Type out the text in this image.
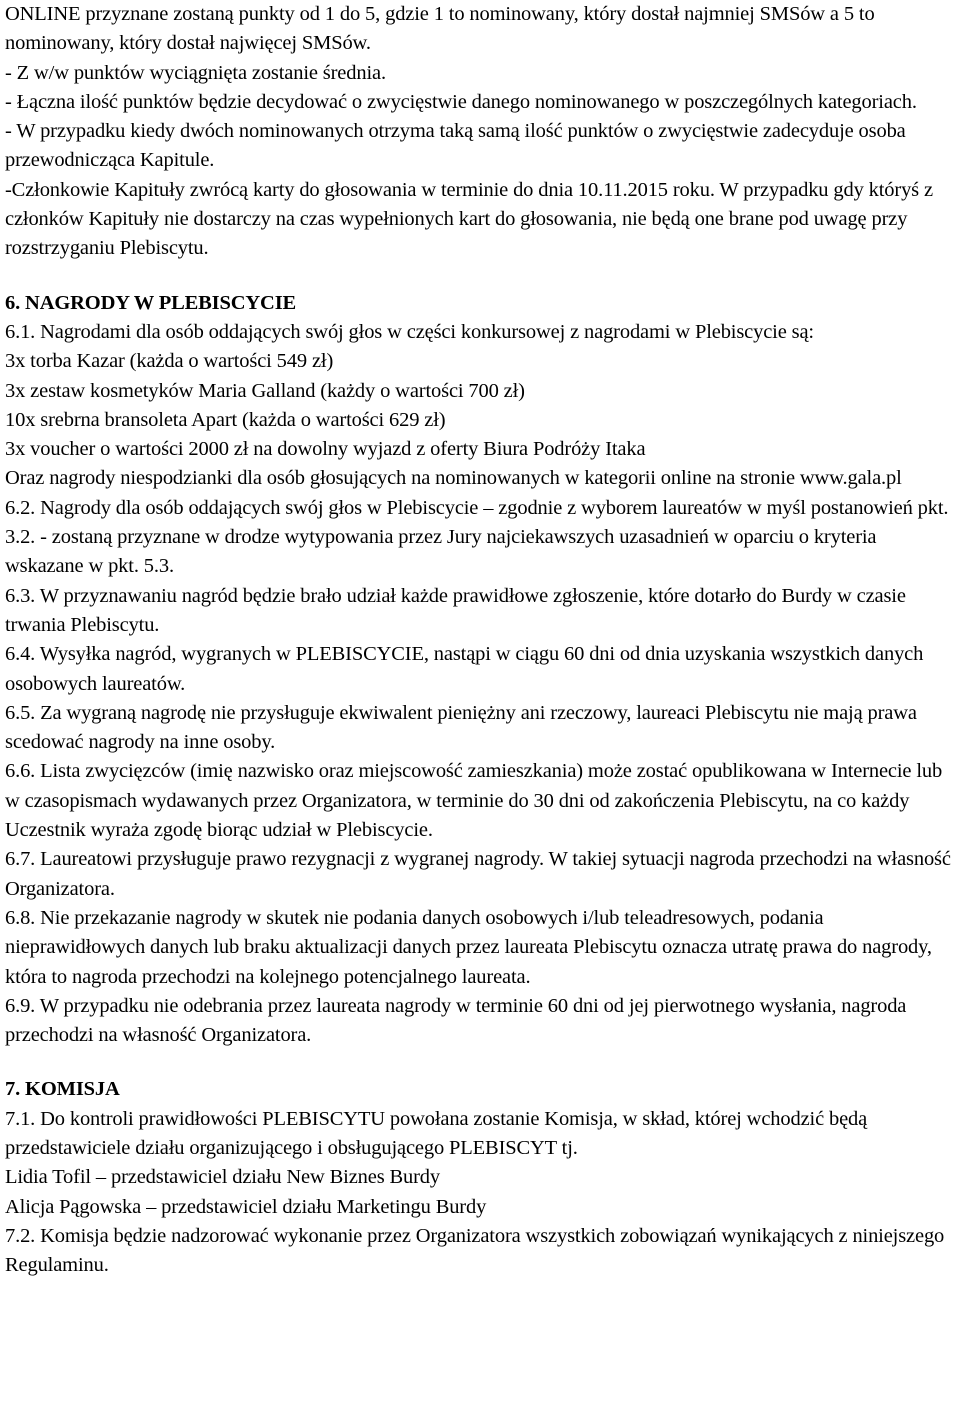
ONLINE przyznane zostaną punkty od 1 do 5, gdzie 1 to nominowany, który dostał najmniej SMSów a 5 to nominowany, który dostał najwięcej SMSów.

- Z w/w punktów wyciągnięta zostanie średnia.

- Łączna ilość punktów będzie decydować o zwycięstwie danego nominowanego w poszczególnych kategoriach.

- W przypadku kiedy dwóch nominowanych otrzyma taką samą ilość punktów o zwycięstwie zadecyduje osoba przewodnicząca Kapitule.

-Członkowie Kapituły zwrócą karty do głosowania w terminie do dnia 10.11.2015 roku. W przypadku gdy któryś z członków Kapituły nie dostarczy na czas wypełnionych kart do głosowania, nie będą one brane pod uwagę przy rozstrzyganiu Plebiscytu.

6. NAGRODY W PLEBISCYCIE

6.1. Nagrodami dla osób oddających swój głos w części konkursowej z nagrodami w Plebiscycie są:

3x torba Kazar (każda o wartości 549 zł)

3x zestaw kosmetyków Maria Galland (każdy o wartości 700 zł)

10x srebrna bransoleta Apart (każda o wartości 629 zł)

3x voucher o wartości 2000 zł na dowolny wyjazd z oferty Biura Podróży Itaka

Oraz nagrody niespodzianki dla osób głosujących na nominowanych w kategorii online na stronie www.gala.pl

6.2. Nagrody dla osób oddających swój głos w Plebiscycie – zgodnie z wyborem laureatów w myśl postanowień pkt. 3.2. - zostaną przyznane w drodze wytypowania przez Jury najciekawszych uzasadnień w oparciu o kryteria wskazane w pkt. 5.3.

6.3. W przyznawaniu nagród będzie brało udział każde prawidłowe zgłoszenie, które dotarło do Burdy w czasie trwania Plebiscytu.

6.4. Wysyłka nagród, wygranych w PLEBISCYCIE, nastąpi w ciągu 60 dni od dnia uzyskania wszystkich danych osobowych laureatów.

6.5. Za wygraną nagrodę nie przysługuje ekwiwalent pieniężny ani rzeczowy, laureaci Plebiscytu nie mają prawa scedować nagrody na inne osoby.

6.6. Lista zwycięzców (imię nazwisko oraz miejscowość zamieszkania) może zostać opublikowana w Internecie lub w czasopismach wydawanych przez Organizatora, w terminie do 30 dni od zakończenia Plebiscytu, na co każdy Uczestnik wyraża zgodę biorąc udział w Plebiscycie.

6.7. Laureatowi przysługuje prawo rezygnacji z wygranej nagrody. W takiej sytuacji nagroda przechodzi na własność Organizatora.

6.8. Nie przekazanie nagrody w skutek nie podania danych osobowych i/lub teleadresowych, podania nieprawidłowych danych lub braku aktualizacji danych przez laureata Plebiscytu oznacza utratę prawa do nagrody, która to nagroda przechodzi na kolejnego potencjalnego laureata.

6.9. W przypadku nie odebrania przez laureata nagrody w terminie 60 dni od jej pierwotnego wysłania, nagroda przechodzi na własność Organizatora.

7. KOMISJA

7.1. Do kontroli prawidłowości PLEBISCYTU powołana zostanie Komisja, w skład, której wchodzić będą przedstawiciele działu organizującego i obsługującego PLEBISCYT tj.

Lidia Tofil – przedstawiciel działu New Biznes Burdy

Alicja Pągowska – przedstawiciel działu Marketingu Burdy

7.2. Komisja będzie nadzorować wykonanie przez Organizatora wszystkich zobowiązań wynikających z niniejszego Regulaminu.
